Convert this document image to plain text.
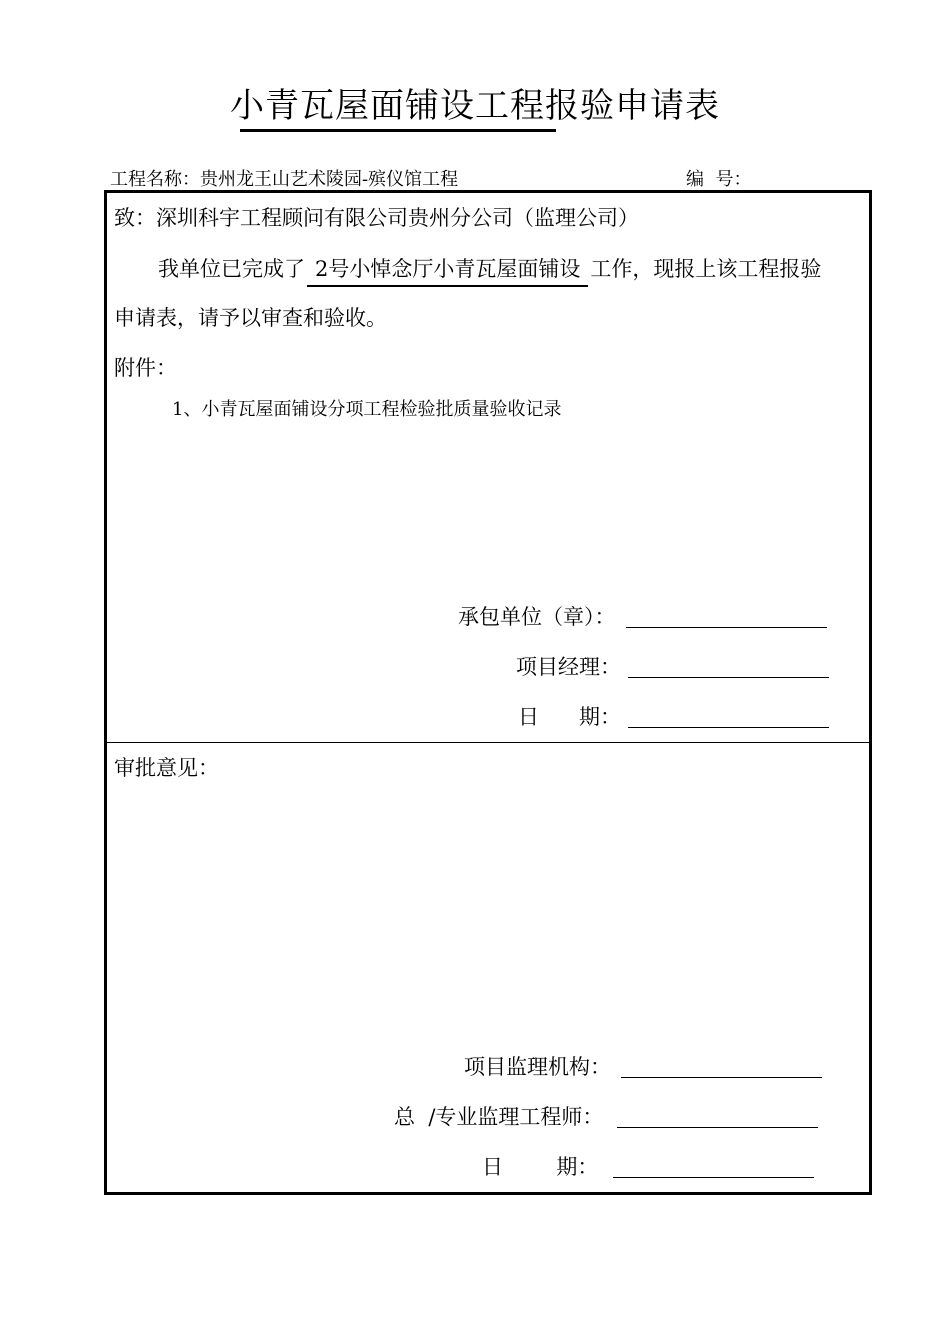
小青瓦屋面铺设工程报验申请表
工程名称：贵州龙王山艺术陵园-殡仪馆工程	编  号：
致：深圳科宇工程顾问有限公司贵州分公司（监理公司）
我单位已完成了 2号小悼念厅小青瓦屋面铺设 工作，现报上该工程报验
申请表，请予以审查和验收。
附件：
1、小青瓦屋面铺设分项工程检验批质量验收记录
承包单位（章）：
项目经理：
日      期：
审批意见：
项目监理机构：
总  /专业监理工程师：
日        期：
